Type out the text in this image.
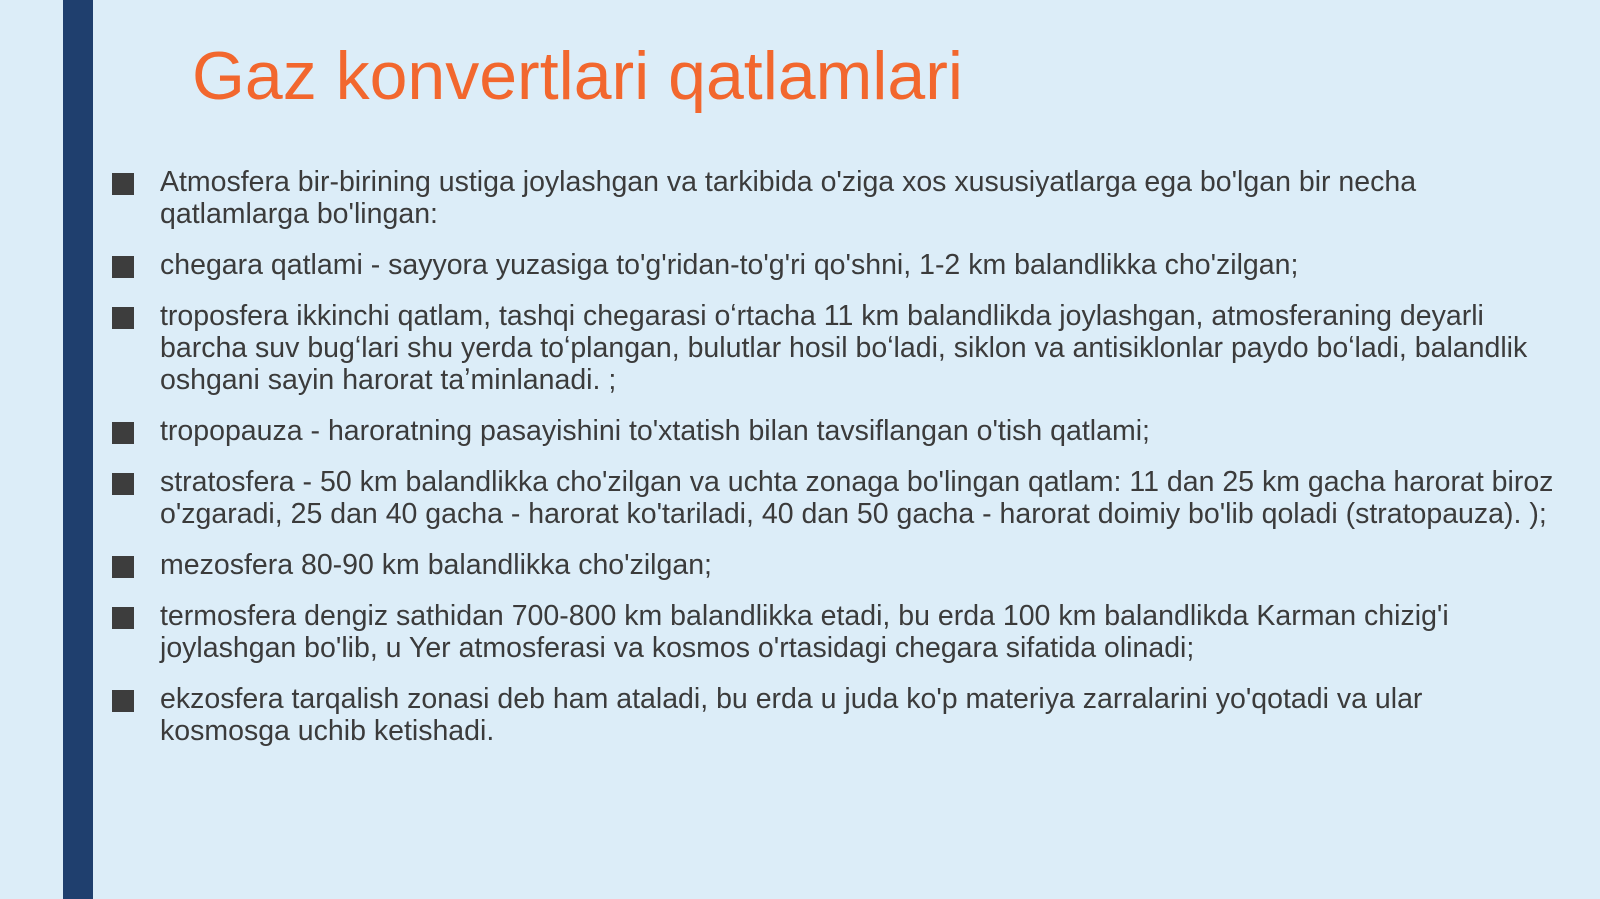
Gaz konvertlari qatlamlari
Atmosfera bir-birining ustiga joylashgan va tarkibida o'ziga xos xususiyatlarga ega bo'lgan bir necha qatlamlarga bo'lingan:
chegara qatlami - sayyora yuzasiga to'g'ridan-to'g'ri qo'shni, 1-2 km balandlikka cho'zilgan;
troposfera ikkinchi qatlam, tashqi chegarasi oʻrtacha 11 km balandlikda joylashgan, atmosferaning deyarli barcha suv bugʻlari shu yerda toʻplangan, bulutlar hosil boʻladi, siklon va antisiklonlar paydo boʻladi, balandlik oshgani sayin harorat taʼminlanadi. ;
tropopauza - haroratning pasayishini to'xtatish bilan tavsiflangan o'tish qatlami;
stratosfera - 50 km balandlikka cho'zilgan va uchta zonaga bo'lingan qatlam: 11 dan 25 km gacha harorat biroz o'zgaradi, 25 dan 40 gacha - harorat ko'tariladi, 40 dan 50 gacha - harorat doimiy bo'lib qoladi (stratopauza). );
mezosfera 80-90 km balandlikka cho'zilgan;
termosfera dengiz sathidan 700-800 km balandlikka etadi, bu erda 100 km balandlikda Karman chizig'i joylashgan bo'lib, u Yer atmosferasi va kosmos o'rtasidagi chegara sifatida olinadi;
ekzosfera tarqalish zonasi deb ham ataladi, bu erda u juda ko'p materiya zarralarini yo'qotadi va ular kosmosga uchib ketishadi.
